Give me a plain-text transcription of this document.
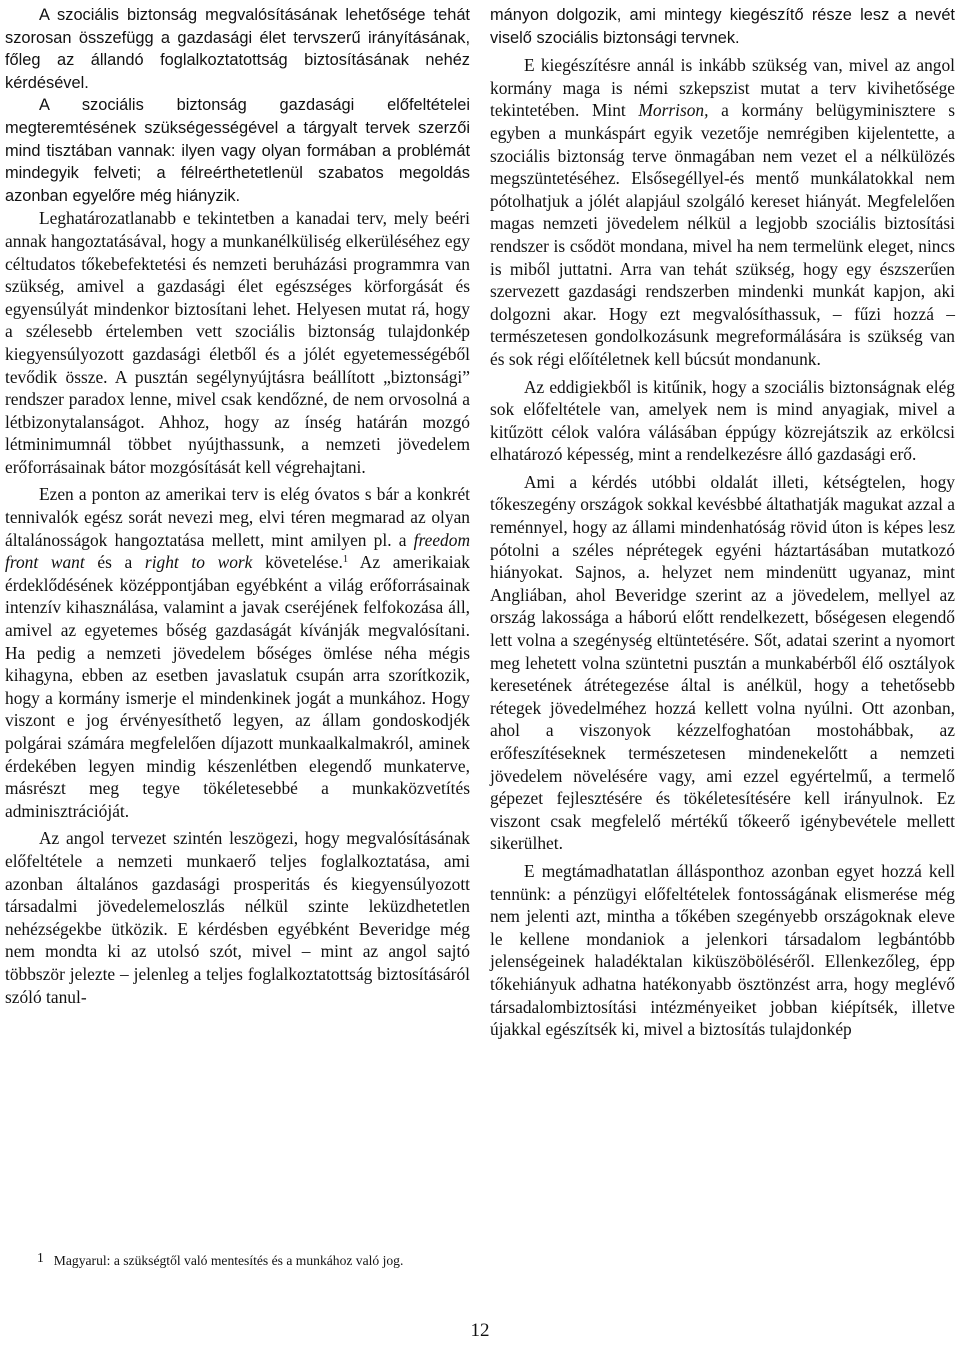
A szociális biztonság megvalósításának lehetősége tehát szorosan összefügg a gazdasági élet tervszerű irányításának, főleg az állandó foglalkoztatottság biztosításának nehéz kérdésével.

A szociális biztonság gazdasági előfeltételei megteremtésének szükségességével a tárgyalt tervek szerzői mind tisztában vannak: ilyen vagy olyan formában a problémát mindegyik felveti; a félreérthetetlenül szabatos megoldás azonban egyelőre még hiányzik.

Leghatározatlanabb e tekintetben a kanadai terv, mely beéri annak hangoztatásával, hogy a munkanélküliség elkerüléséhez egy céltudatos tőkebefektetési és nemzeti beruházási programmra van szükség, amivel a gazdasági élet egészséges körforgását és egyensúlyát mindenkor biztosítani lehet. Helyesen mutat rá, hogy a szélesebb értelemben vett szociális biztonság tulajdonkép kiegyensúlyozott gazdasági életből és a jólét egyetemességéből tevődik össze. A pusztán segélynyújtásra beállított „biztonsági” rendszer paradox lenne, mivel csak kendőzné, de nem orvosolná a létbizonytalanságot. Ahhoz, hogy az ínség határán mozgó létminimumnál többet nyújthassunk, a nemzeti jövedelem erőforrásainak bátor mozgósítását kell végrehajtani.

Ezen a ponton az amerikai terv is elég óvatos s bár a konkrét tennivalók egész sorát nevezi meg, elvi téren megmarad az olyan általánosságok hangoztatása mellett, mint amilyen pl. a freedom front want és a right to work követelése.$^1$ Az amerikaiak érdeklődésének középpontjában egyébként a világ erőforrásainak intenzív kihasználása, valamint a javak cseréjének felfokozása áll, amivel az egyetemes bőség gazdaságát kívánják megvalósítani. Ha pedig a nemzeti jövedelem bőséges ömlése néha mégis kihagyna, ebben az esetben javaslatuk csupán arra szorítkozik, hogy a kormány ismerje el mindenkinek jogát a munkához. Hogy viszont e jog érvényesíthető legyen, az állam gondoskodjék polgárai számára megfelelően díjazott munkaalkalmakról, aminek érdekében legyen mindig készenlétben elegendő munkaterve, másrészt meg tegye tökéletesebbé a munkaközvetítés adminisztrációját.

Az angol tervezet szintén leszögezi, hogy megvalósításának előfeltétele a nemzeti munkaerő teljes foglalkoztatása, ami azonban általános gazdasági prosperitás és kiegyensúlyozott társadalmi jövedelemeloszlás nélkül szinte leküzdhetetlen nehézségekbe ütközik. E kérdésben egyébként Beveridge még nem mondta ki az utolsó szót, mivel – mint az angol sajtó többször jelezte – jelenleg a teljes foglalkoztatottság biztosításáról szóló tanul-

mányon dolgozik, ami mintegy kiegészítő része lesz a nevét viselő szociális biztonsági tervnek.

E kiegészítésre annál is inkább szükség van, mivel az angol kormány maga is némi szkepszist mutat a terv kivihetősége tekintetében. Mint Morrison, a kormány belügyminisztere s egyben a munkáspárt egyik vezetője nemrégiben kijelentette, a szociális biztonság terve önmagában nem vezet el a nélkülözés megszüntetéséhez. Elsősegéllyel-és mentő munkálatokkal nem pótolhatjuk a jólét alapjául szolgáló kereset hiányát. Megfelelően magas nemzeti jövedelem nélkül a legjobb szociális biztosítási rendszer is csődöt mondana, mivel ha nem termelünk eleget, nincs is miből juttatni. Arra van tehát szükség, hogy egy észszerűen szervezett gazdasági rendszerben mindenki munkát kapjon, aki dolgozni akar. Hogy ezt megvalósíthassuk, – fűzi hozzá – természetesen gondolkozásunk megreformálására is szükség van és sok régi előítéletnek kell búcsút mondanunk.

Az eddigiekből is kitűnik, hogy a szociális biztonságnak elég sok előfeltétele van, amelyek nem is mind anyagiak, mivel a kitűzött célok valóra válásában éppúgy közrejátszik az erkölcsi elhatározó képesség, mint a rendelkezésre álló gazdasági erő.

Ami a kérdés utóbbi oldalát illeti, kétségtelen, hogy tőkeszegény országok sokkal kevésbbé áltathatják magukat azzal a reménnyel, hogy az állami mindenhatóság rövid úton is képes lesz pótolni a széles néprétegek egyéni háztartásában mutatkozó hiányokat. Sajnos, a. helyzet nem mindenütt ugyanaz, mint Angliában, ahol Beveridge szerint az a jövedelem, mellyel az ország lakossága a háború előtt rendelkezett, bőségesen elegendő lett volna a szegénység eltüntetésére. Sőt, adatai szerint a nyomort meg lehetett volna szüntetni pusztán a munkabérből élő osztályok keresetének átrétegezése által is anélkül, hogy a tehetősebb rétegek jövedelméhez hozzá kellett volna nyúlni. Ott azonban, ahol a viszonyok kézzelfoghatóan mostohábbak, az erőfeszítéseknek természetesen mindenekelőtt a nemzeti jövedelem növelésére vagy, ami ezzel egyértelmű, a termelő gépezet fejlesztésére és tökéletesítésére kell irányulnok. Ez viszont csak megfelelő mértékű tőkeerő igénybevétele mellett sikerülhet.

E megtámadhatatlan állásponthoz azonban egyet hozzá kell tennünk: a pénzügyi előfeltételek fontosságának elismerése még nem jelenti azt, mintha a tőkében szegényebb országoknak eleve le kellene mondaniok a jelenkori társadalom legbántóbb jelenségeinek haladéktalan kiküszöböléséről. Ellenkezőleg, épp tőkehiányuk adhatna hatékonyabb ösztönzést arra, hogy meglévő társadalombiztosítási intézményeiket jobban kiépítsék, illetve újakkal egészítsék ki, mivel a biztosítás tulajdonkép

1 Magyarul: a szükségtől való mentesítés és a munkához való jog.
12
